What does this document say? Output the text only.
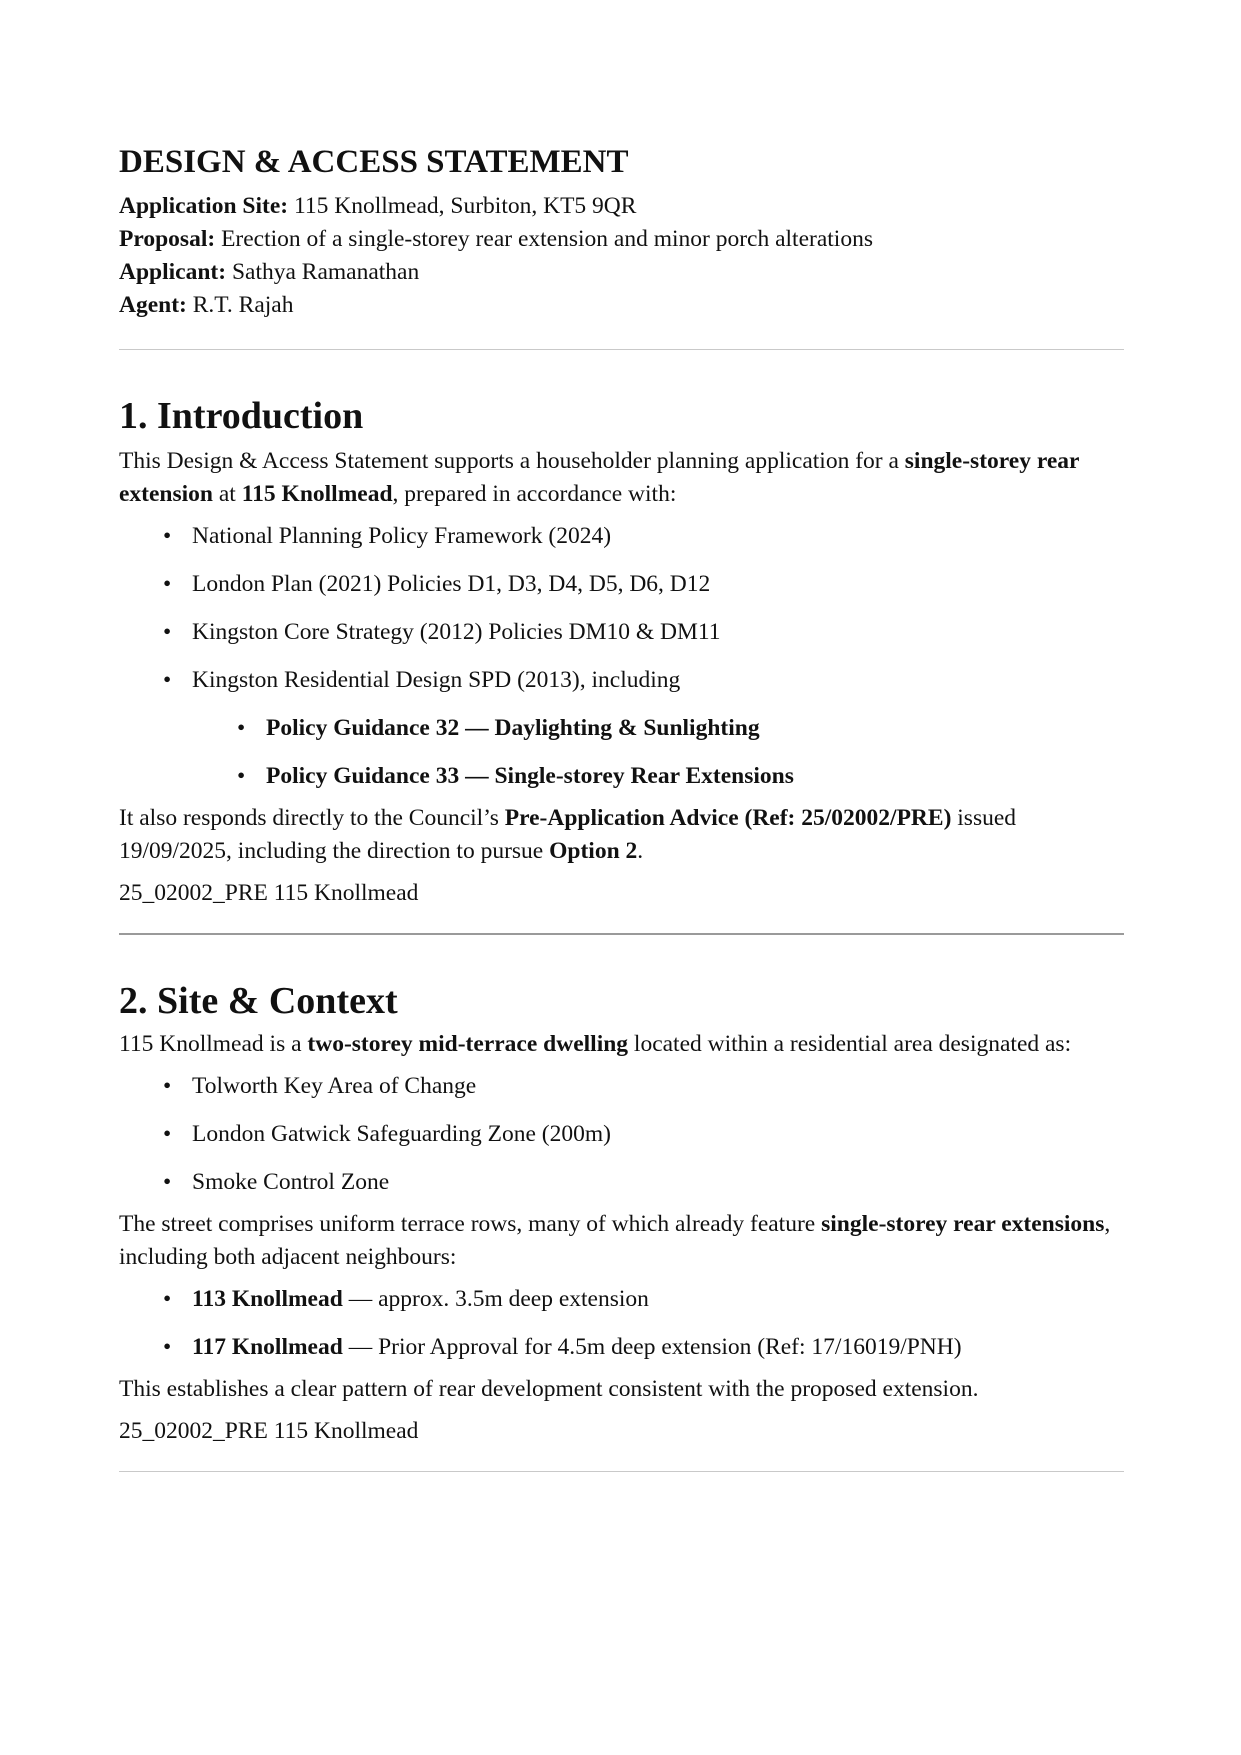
DESIGN & ACCESS STATEMENT

Application Site: 115 Knollmead, Surbiton, KT5 9QR

Proposal: Erection of a single-storey rear extension and minor porch alterations

Applicant: Sathya Ramanathan

Agent: R.T. Rajah

1. Introduction

This Design & Access Statement supports a householder planning application for a single-storey rear extension at 115 Knollmead, prepared in accordance with:

• National Planning Policy Framework (2024)
• London Plan (2021) Policies D1, D3, D4, D5, D6, D12
• Kingston Core Strategy (2012) Policies DM10 & DM11
• Kingston Residential Design SPD (2013), including
• Policy Guidance 32 — Daylighting & Sunlighting
• Policy Guidance 33 — Single-storey Rear Extensions

It also responds directly to the Council’s Pre-Application Advice (Ref: 25/02002/PRE) issued 19/09/2025, including the direction to pursue Option 2.

25_02002_PRE 115 Knollmead

2. Site & Context

115 Knollmead is a two-storey mid-terrace dwelling located within a residential area designated as:

• Tolworth Key Area of Change
• London Gatwick Safeguarding Zone (200m)
• Smoke Control Zone

The street comprises uniform terrace rows, many of which already feature single-storey rear extensions, including both adjacent neighbours:

• 113 Knollmead — approx. 3.5m deep extension
• 117 Knollmead — Prior Approval for 4.5m deep extension (Ref: 17/16019/PNH)

This establishes a clear pattern of rear development consistent with the proposed extension.

25_02002_PRE 115 Knollmead
